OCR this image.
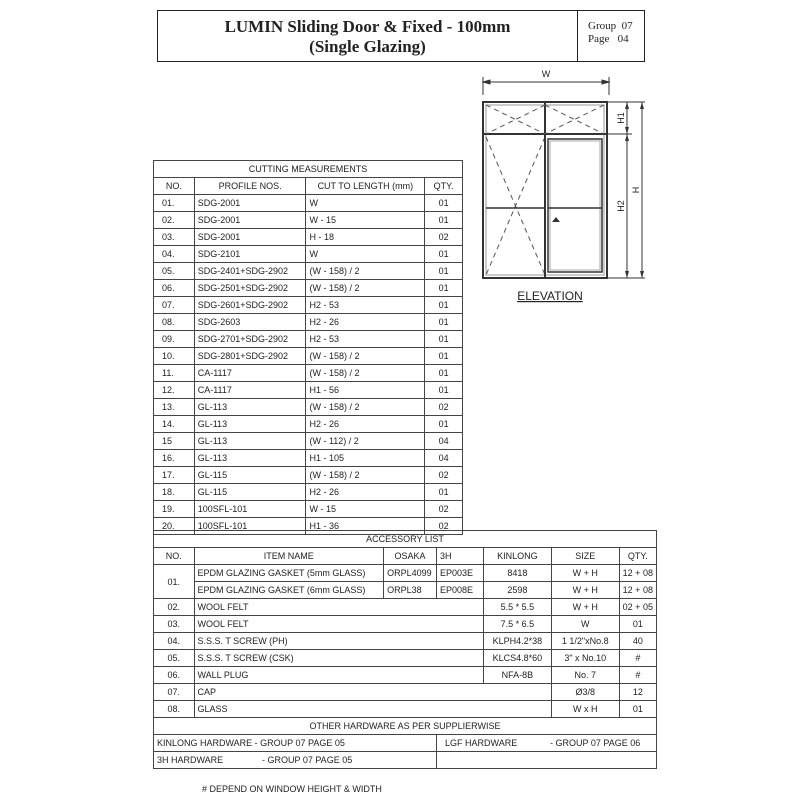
LUMIN Sliding Door & Fixed - 100mm
(Single Glazing)
Group  07
Page   04
H1
H2
H
W
ELEVATION
CUTTING MEASUREMENTS			
NO.	PROFILE NOS.	CUT TO LENGTH (mm)	QTY.
01.	SDG-2001	W	01
02.	SDG-2001	W - 15	01
03.	SDG-2001	H - 18	02
04.	SDG-2101	W	01
05.	SDG-2401+SDG-2902	(W - 158) / 2	01
06.	SDG-2501+SDG-2902	(W - 158) / 2	01
07.	SDG-2601+SDG-2902	H2 - 53	01
08.	SDG-2603	H2 - 26	01
09.	SDG-2701+SDG-2902	H2 - 53	01
10.	SDG-2801+SDG-2902	(W - 158) / 2	01
11.	CA-1117	(W - 158) / 2	01
12.	CA-1117	H1 - 56	01
13.	GL-113	(W - 158) / 2	02
14.	GL-113	H2 - 26	01
15	GL-113	(W - 112) / 2	04
16.	GL-113	H1 - 105	04
17.	GL-115	(W - 158) / 2	02
18.	GL-115	H2 - 26	01
19.	100SFL-101	W - 15	02
20.	100SFL-101	H1 - 36	02
ACCESSORY LIST						
NO.	ITEM NAME	OSAKA	3H	KINLONG	SIZE	QTY.
01.	EPDM GLAZING GASKET (5mm GLASS)	ORPL4099	EP003E	8418	W + H	12 + 08
	EPDM GLAZING GASKET (6mm GLASS)	ORPL38	EP008E	2598	W + H	12 + 08
02.	WOOL FELT			5.5 * 5.5	W + H	02 + 05
03.	WOOL FELT			7.5 * 6.5	W	01
04.	S.S.S. T SCREW (PH)			KLPH4.2*38	1 1/2"xNo.8	40
05.	S.S.S. T SCREW (CSK)			KLCS4.8*60	3" x No.10	#
06.	WALL PLUG			NFA-8B	No. 7	#
07.	CAP				Ø3/8	12
08.	GLASS				W x H	01
OTHER HARDWARE AS PER SUPPLIERWISE						
KINLONG HARDWARE - GROUP 07 PAGE 05			LGF HARDWARE - GROUP 07 PAGE 06			
3H HARDWARE - GROUP 07 PAGE 05						
# DEPEND ON WINDOW HEIGHT & WIDTH
